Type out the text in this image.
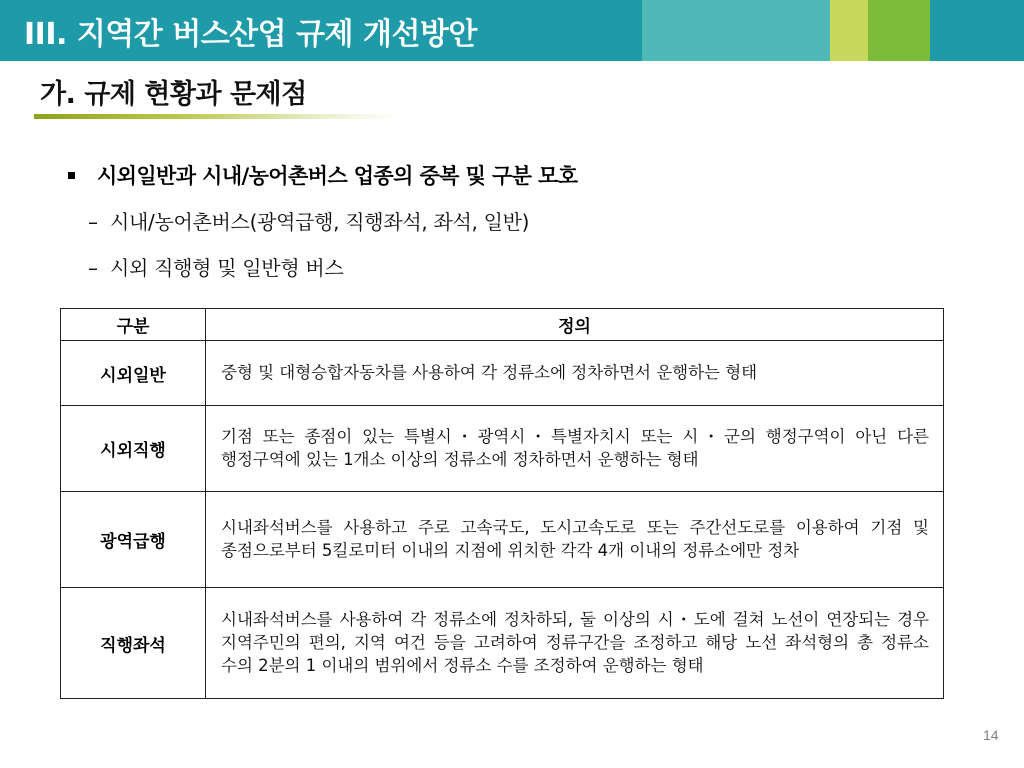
III. 지역간 버스산업 규제 개선방안
가. 규제 현황과 문제점
시외일반과 시내/농어촌버스 업종의 중복 및 구분 모호
– 시내/농어촌버스(광역급행, 직행좌석, 좌석, 일반)
– 시외 직행형 및 일반형 버스
구분	정의
시외일반	중형 및 대형승합자동차를 사용하여 각 정류소에 정차하면서 운행하는 형태
시외직행	기점 또는 종점이 있는 특별시・광역시・특별자치시 또는 시・군의 행정구역이 아닌 다른 행정구역에 있는 1개소 이상의 정류소에 정차하면서 운행하는 형태
광역급행	시내좌석버스를 사용하고 주로 고속국도, 도시고속도로 또는 주간선도로를 이용하여 기점 및 종점으로부터 5킬로미터 이내의 지점에 위치한 각각 4개 이내의 정류소에만 정차
직행좌석	시내좌석버스를 사용하여 각 정류소에 정차하되, 둘 이상의 시・도에 걸쳐 노선이 연장되는 경우 지역주민의 편의, 지역 여건 등을 고려하여 정류구간을 조정하고 해당 노선 좌석형의 총 정류소 수의 2분의 1 이내의 범위에서 정류소 수를 조정하여 운행하는 형태
14
